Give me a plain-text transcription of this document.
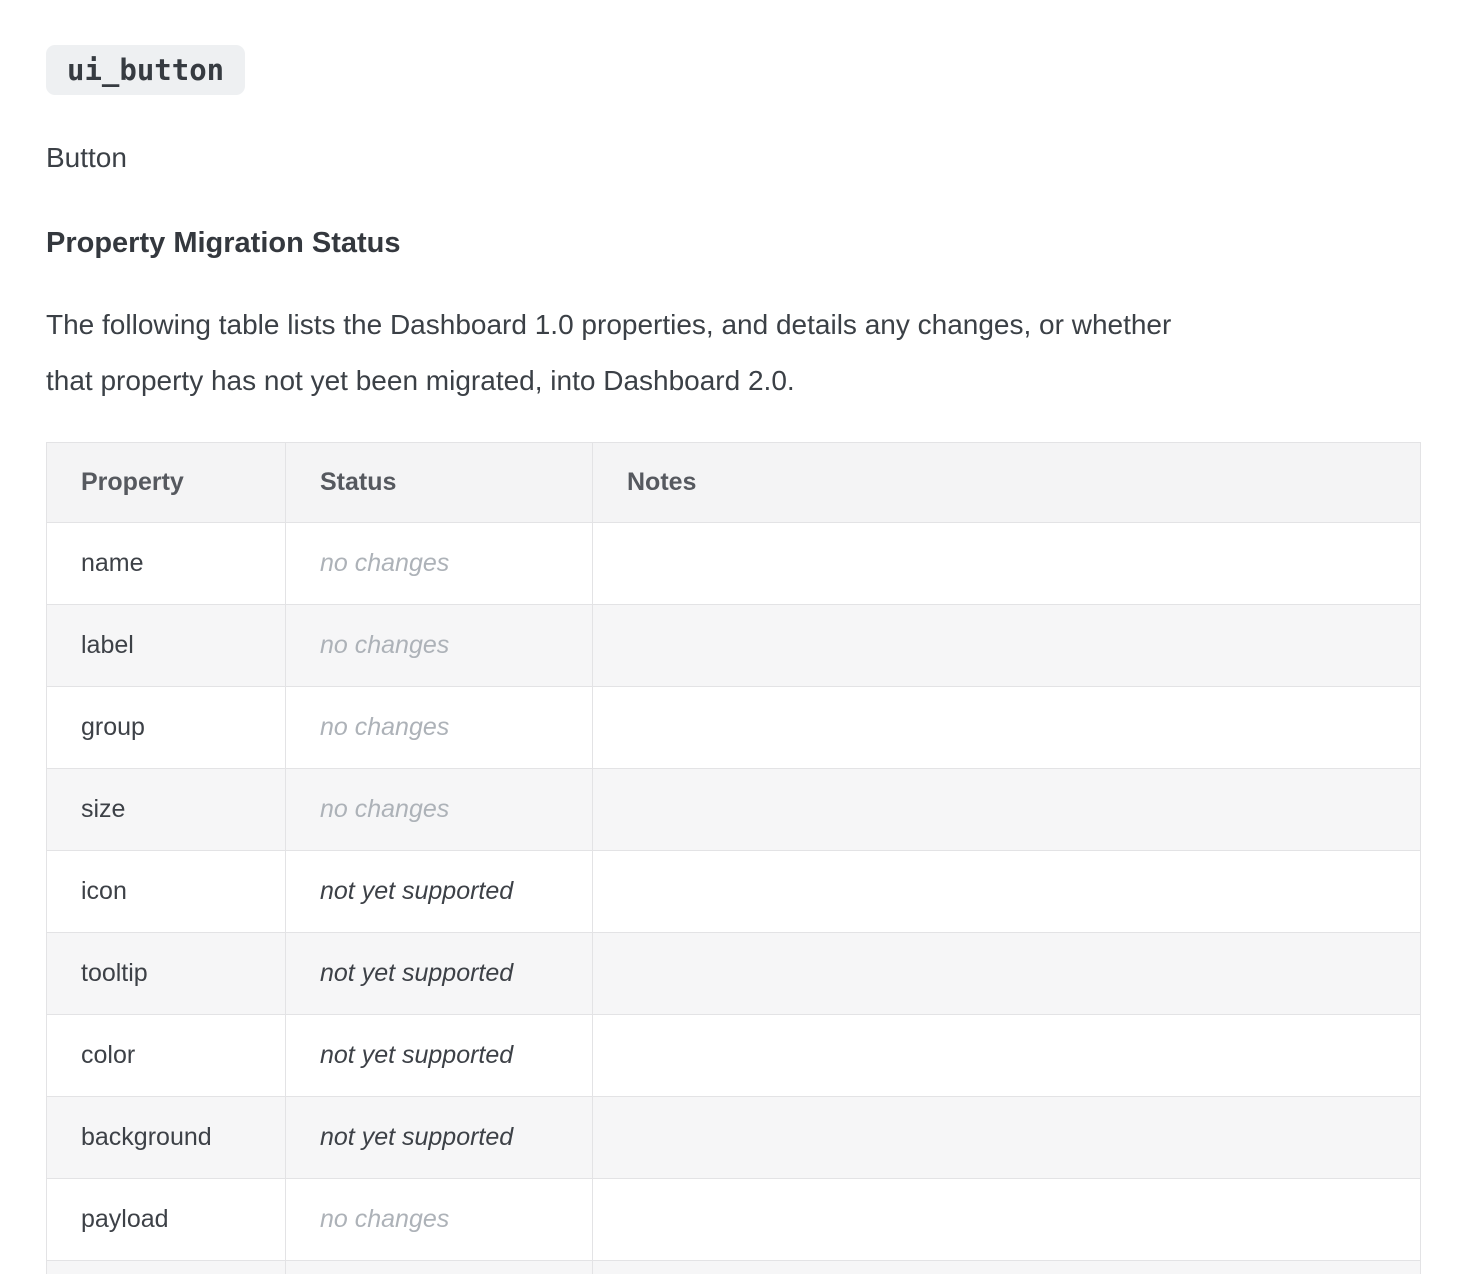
ui_button

Button

Property Migration Status
The following table lists the Dashboard 1.0 properties, and details any changes, or whether
that property has not yet been migrated, into Dashboard 2.0.
Property	Status	Notes
name	no changes	
label	no changes	
group	no changes	
size	no changes	
icon	not yet supported	
tooltip	not yet supported	
color	not yet supported	
background	not yet supported	
payload	no changes	
